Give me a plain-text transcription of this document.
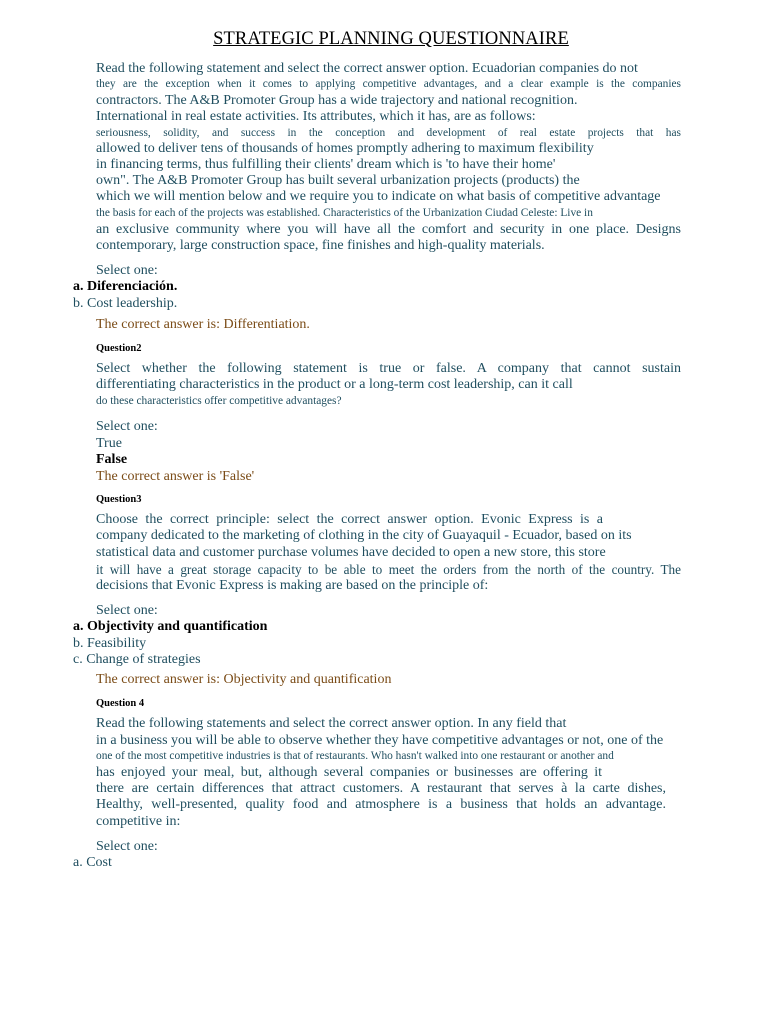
STRATEGIC PLANNING QUESTIONNAIRE
Read the following statement and select the correct answer option. Ecuadorian companies do not
they are the exception when it comes to applying competitive advantages, and a clear example is the companies
contractors. The A&B Promoter Group has a wide trajectory and national recognition.
International in real estate activities. Its attributes, which it has, are as follows:
seriousness, solidity, and success in the conception and development of real estate projects that has
allowed to deliver tens of thousands of homes promptly adhering to maximum flexibility
in financing terms, thus fulfilling their clients' dream which is 'to have their home'
own". The A&B Promoter Group has built several urbanization projects (products) the
which we will mention below and we require you to indicate on what basis of competitive advantage
the basis for each of the projects was established. Characteristics of the Urbanization Ciudad Celeste: Live in
an exclusive community where you will have all the comfort and security in one place. Designs
contemporary, large construction space, fine finishes and high-quality materials.
Select one:
a. Diferenciación.
b. Cost leadership.
The correct answer is: Differentiation.
Question2
Select whether the following statement is true or false. A company that cannot sustain
differentiating characteristics in the product or a long-term cost leadership, can it call
do these characteristics offer competitive advantages?
Select one:
True
False
The correct answer is 'False'
Question3
Choose the correct principle: select the correct answer option. Evonic Express is a
company dedicated to the marketing of clothing in the city of Guayaquil - Ecuador, based on its
statistical data and customer purchase volumes have decided to open a new store, this store
it will have a great storage capacity to be able to meet the orders from the north of the country. The
decisions that Evonic Express is making are based on the principle of:
Select one:
a. Objectivity and quantification
b. Feasibility
c. Change of strategies
The correct answer is: Objectivity and quantification
Question 4
Read the following statements and select the correct answer option. In any field that
in a business you will be able to observe whether they have competitive advantages or not, one of the
one of the most competitive industries is that of restaurants. Who hasn't walked into one restaurant or another and
has enjoyed your meal, but, although several companies or businesses are offering it
there are certain differences that attract customers. A restaurant that serves à la carte dishes,
Healthy, well-presented, quality food and atmosphere is a business that holds an advantage.
competitive in:
Select one:
a. Cost
